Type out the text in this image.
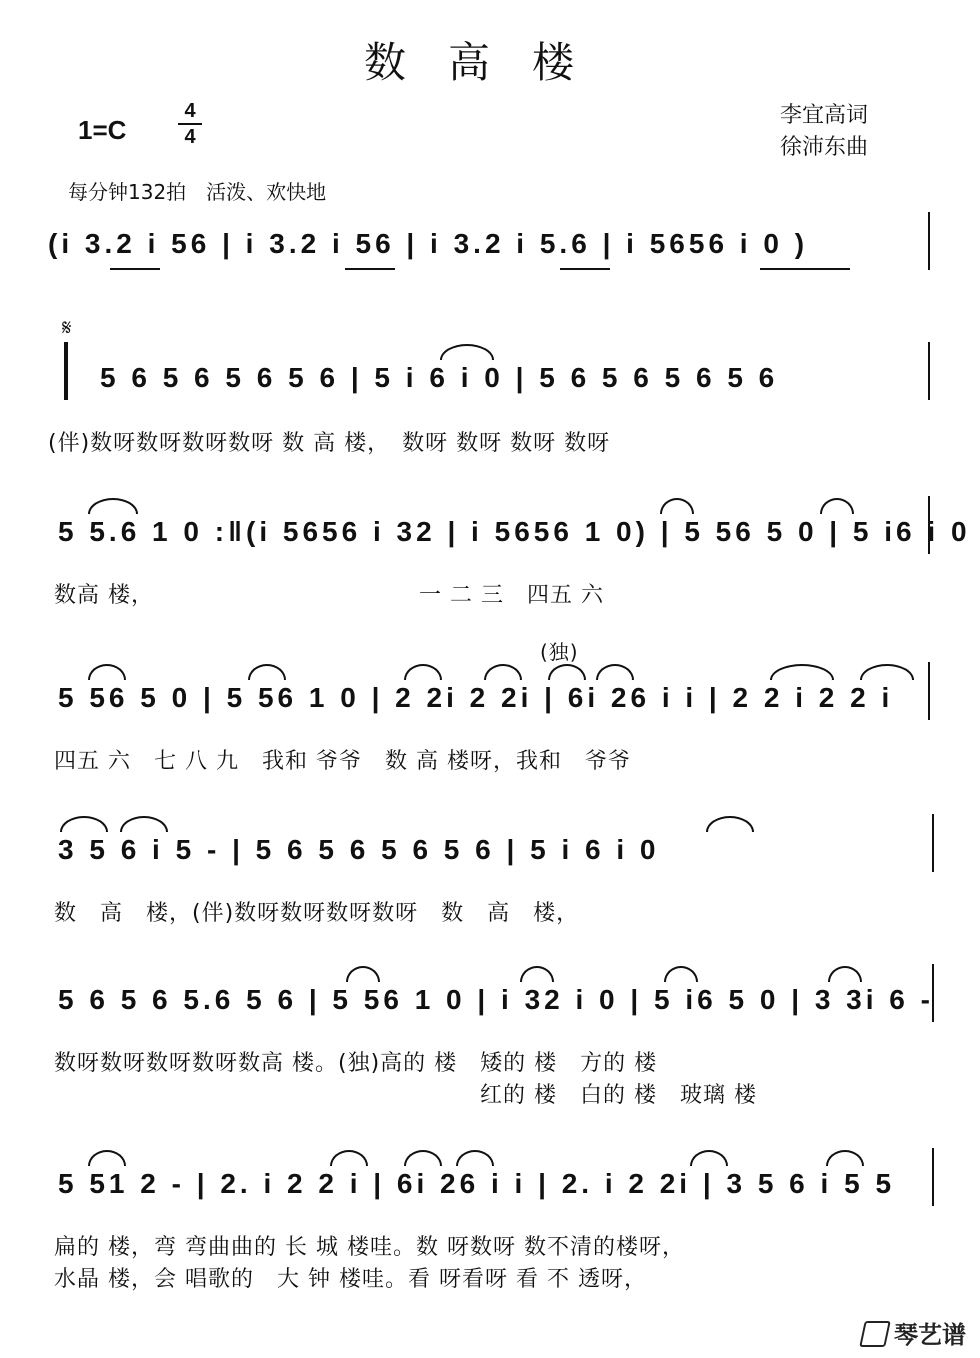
数高楼
1=C
4
4
李宜高词
徐沛东曲
每分钟132拍　活泼、欢快地
(i 3.2 i 56 | i 3.2 i 56 | i 3.2 i 5.6 | i 5656 i 0 )
𝄋
5 6 5 6 5 6 5 6 | 5 i 6 i 0 | 5 6 5 6 5 6 5 6
(伴)数呀数呀数呀数呀 数 高 楼，　数呀 数呀 数呀 数呀
5 5.6 1 0 :‖(i 5656 i 32 | i 5656 1 0) | 5 56 5 0 | 5 i6 i 0
数高 楼，　　　　　　　　　　　　一 二 三　四五 六
(独)
5 56 5 0 | 5 56 1 0 | 2 2i 2 2i | 6i 26 i i | 2 2 i 2 2 i
四五 六　七 八 九　我和 爷爷　数 高 楼呀，我和　爷爷
3 5 6 i 5 - | 5 6 5 6 5 6 5 6 | 5 i 6 i 0
数　高　楼，(伴)数呀数呀数呀数呀　数　高　楼，
5 6 5 6 5.6 5 6 | 5 56 1 0 | i 32 i 0 | 5 i6 5 0 | 3 3i 6 -
数呀数呀数呀数呀数高 楼。(独)高的 楼　矮的 楼　方的 楼
红的 楼　白的 楼　玻璃 楼
5 51 2 - | 2. i 2 2 i | 6i 26 i i | 2. i 2 2i | 3 5 6 i 5 5
扁的 楼，弯 弯曲曲的 长 城 楼哇。数 呀数呀 数不清的楼呀，
水晶 楼，会 唱歌的　大 钟 楼哇。看 呀看呀 看 不 透呀，
琴艺谱
